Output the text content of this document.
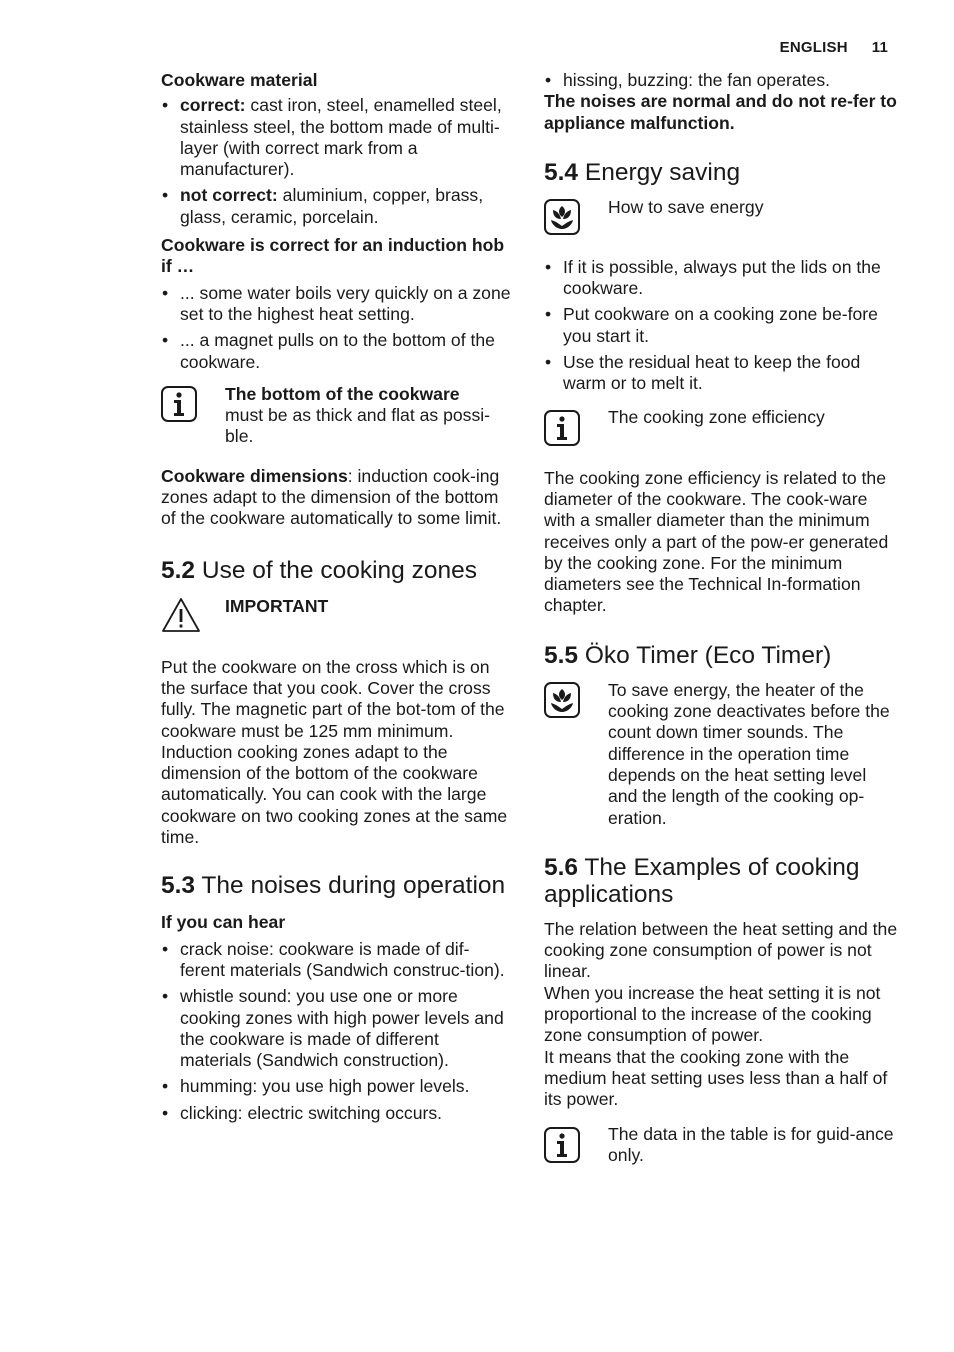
ENGLISH 11

Cookware material

• correct: cast iron, steel, enamelled steel, stainless steel, the bottom made of multi-layer (with correct mark from a manufacturer).
• not correct: aluminium, copper, brass, glass, ceramic, porcelain.

Cookware is correct for an induction hob if …

• ... some water boils very quickly on a zone set to the highest heat setting.
• ... a magnet pulls on to the bottom of the cookware.
The bottom of the cookware
must be as thick and flat as possi-ble.

Cookware dimensions: induction cook-ing zones adapt to the dimension of the bottom of the cookware automatically to some limit.

5.2 Use of the cooking zones
IMPORTANT

Put the cookware on the cross which is on the surface that you cook. Cover the cross fully. The magnetic part of the bot-tom of the cookware must be 125 mm minimum. Induction cooking zones adapt to the dimension of the bottom of the cookware automatically. You can cook with the large cookware on two cooking zones at the same time.

5.3 The noises during operation

If you can hear

• crack noise: cookware is made of dif-ferent materials (Sandwich construc-tion).
• whistle sound: you use one or more cooking zones with high power levels and the cookware is made of different materials (Sandwich construction).
• humming: you use high power levels.
• clicking: electric switching occurs.
• hissing, buzzing: the fan operates.

The noises are normal and do not re-fer to appliance malfunction.

5.4 Energy saving
How to save energy
• If it is possible, always put the lids on the cookware.
• Put cookware on a cooking zone be-fore you start it.
• Use the residual heat to keep the food warm or to melt it.
The cooking zone efficiency

The cooking zone efficiency is related to the diameter of the cookware. The cook-ware with a smaller diameter than the minimum receives only a part of the pow-er generated by the cooking zone. For the minimum diameters see the Technical In-formation chapter.

5.5 Öko Timer (Eco Timer)
To save energy, the heater of the cooking zone deactivates before the count down timer sounds. The difference in the operation time depends on the heat setting level and the length of the cooking op-eration.
5.6 The Examples of cooking applications

The relation between the heat setting and the cooking zone consumption of power is not linear.

When you increase the heat setting it is not proportional to the increase of the cooking zone consumption of power.

It means that the cooking zone with the medium heat setting uses less than a half of its power.

The data in the table is for guid-ance only.
